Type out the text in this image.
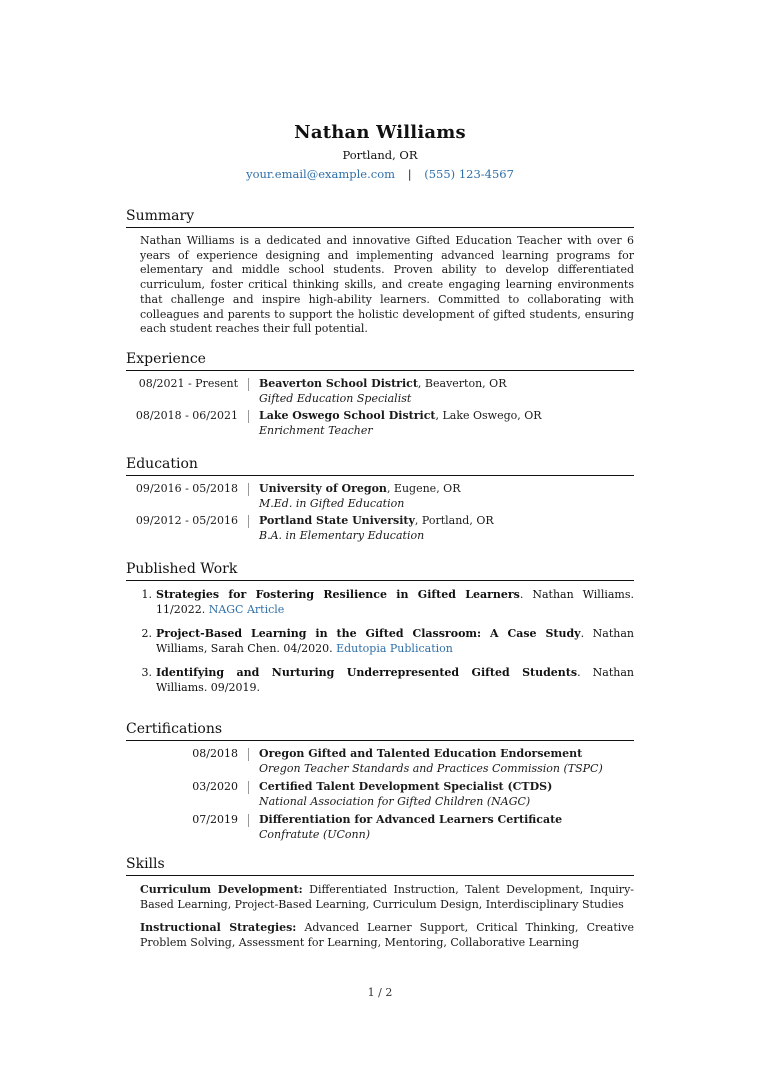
Nathan Williams
Portland, OR
your.email@example.com | (555) 123-4567
Summary

Nathan Williams is a dedicated and innovative Gifted Education Teacher with over 6 years of experience designing and implementing advanced learning programs for elementary and middle school students. Proven ability to develop differentiated curriculum, foster critical thinking skills, and create engaging learning environments that challenge and inspire high-ability learners. Committed to collaborating with colleagues and parents to support the holistic development of gifted students, ensuring each student reaches their full potential.

Experience
08/2021 - Present Beaverton School District, Beaverton, OR
Gifted Education Specialist
08/2018 - 06/2021 Lake Oswego School District, Lake Oswego, OR
Enrichment Teacher
Education
09/2016 - 05/2018 University of Oregon, Eugene, OR
M.Ed. in Gifted Education
09/2012 - 05/2016 Portland State University, Portland, OR
B.A. in Elementary Education
Published Work
1. Strategies for Fostering Resilience in Gifted Learners. Nathan Williams. 11/2022. NAGC Article
2. Project-Based Learning in the Gifted Classroom: A Case Study. Nathan Williams, Sarah Chen. 04/2020. Edutopia Publication
3. Identifying and Nurturing Underrepresented Gifted Students. Nathan Williams. 09/2019.
Certifications
08/2018 Oregon Gifted and Talented Education Endorsement
Oregon Teacher Standards and Practices Commission (TSPC)
03/2020 Certified Talent Development Specialist (CTDS)
National Association for Gifted Children (NAGC)
07/2019 Differentiation for Advanced Learners Certificate
Confratute (UConn)
Skills

Curriculum Development: Differentiated Instruction, Talent Development, Inquiry-Based Learning, Project-Based Learning, Curriculum Design, Interdisciplinary Studies

Instructional Strategies: Advanced Learner Support, Critical Thinking, Creative Problem Solving, Assessment for Learning, Mentoring, Collaborative Learning

1 / 2
